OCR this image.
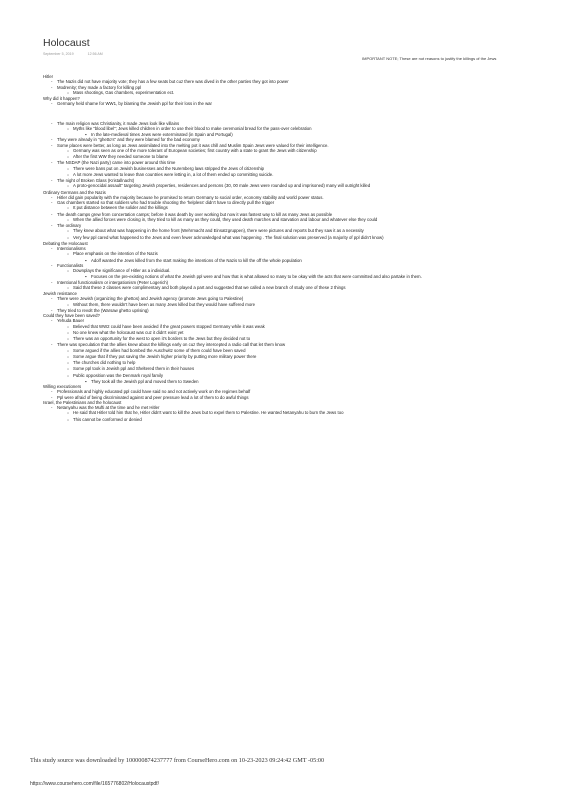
Holocaust
September 5, 2019	12:56 AM
IMPORTANT NOTE; These are not reasons to justify the killings of the Jews

Hitler

- The Nazis did not have majority vote; they has a few seats but cuz there was dived in the other parties they got into power

- Modrenity; they made a factory for killing ppl

○ Mass shootings, Gas chambers, experimentation ect.

Why did it happen?

- Germany held shame for WW1, by blaming the Jewish ppl for their loss in the war

- The main religion was Christianity, it made Jews look like villains

○ Myths like "blood libel"; Jews killed children in order to use their blood to make ceremonial bread for the pass-over celebration

▪ In the late-medieval times Jews were exterminated (in Spain and Portugal)

- They were already in "ghetto's" and they were blamed for the bad economy

- Some places were better, as long as Jews assimilated into the melting pot it was chill and Muslim Spain Jews were valued for their intelligence.

○ Germany was seen as one of the more tolerant of European societies; first country with a state to grant the Jews with citizenship

○ After the first WW they needed someone to blame

- The NSDAP (the Nazi party) came into power around this time

○ There were bans put on Jewish businesses and the Nuremberg laws stripped the Jews of citizenship

○ A lot more Jews wanted to leave than countries were letting in, a lot of them ended up committing suicide.

- The night of Broken Glass (Kristallnacht)

○ A proto-genocidal assault" targeting Jewish properties, residences and persons (30, 00 male Jews were rounded up and imprisoned) many will outright killed

Ordinary Germans and the Nazis

- Hitler did gain popularity with the majority because he promised to return Germany to social order, economy stability and world power status.

- Gas chambers started so that soldiers who had trouble shooting the 'helpless' didn't have to directly pull the trigger

○ It put distance between the solider and the killings

- The death camps grew from concertation camps; before it was death by over working but now it was fastest way to kill as many Jews as possible

○ When the allied forces were closing in, they tried to kill as many as they could, they used death marches and starvation and labour and whatever else they could

- The ordinary

○ They knew about what was happening in the home front (Wehrmacht and Einsatzgruppen), there were pictures and reports but they saw it as a necessity

○ Very few ppl cared what happened to the Jews and even fewer acknowledged what was happening . The final solution was preserved (a majority of ppl didn't know)

Debating the Holocaust

- Intentionalisms

○ Place emphasis on the intention of the Nazis

▪ Adolf wanted the Jews killed from the start making the intentions of the Nazis to kill the off the whole population

- Functionalists

○ Downplays the significance of Hitler as a individual.

▪ Focuses on the pre-existing notions of what the Jewish ppl were and how that is what allowed so many to be okay with the acts that were committed and also partake in them.

- Intentional functionalism or intergationism (Peter Logerich)

○ Said that these 2 classes were complimentary and both played a part and suggested that we called a new branch of study one of these 2 things

Jewish resistance

- There were Jewish (organizing the ghettos) and Jewish agency (promote Jews going to Palestine)

○ Without them, there wouldn't have been as many Jews killed but they would have suffered more

- They tried to revolt the (Warsaw ghetto uprising)

Could they have been saved?

- Yehuda Bauer

○ Believed that WW2 could have been avoided if the great powers stopped Germany while it was weak

○ No one knew what the holocaust was cuz it didn't exist yet

○ There was an opportunity for the west to open it's borders to the Jews but they decided not to

- There was speculation that the allies knew about the killings early on cuz they intercepted a radio call that let them know

○ Some argued if the allies had bombed the Auschwitz some of them could have been saved

○ Some argue that if they put saving the Jewish higher priority by putting more military power there

○ The churches did nothing to help

○ Some ppl took in Jewish ppl and Sheltered them in their houses

○ Public opposition was the Denmark royal family

▪ They took all the Jewish ppl and moved them to Sweden

Willing executioners

- Professionals and highly educated ppl could have said no and not actively work on the regimes behalf

- Ppl were afraid of being discriminated against and peer pressure lead a lot of them to do awful things

Israel, the Palestinians and the holocaust

- Netanyahu was the Mufti at the time and he met Hitler

○ He said that Hitler told him that he, Hitler didn't want to kill the Jews but to expel them to Palestine. He wanted Netanyahu to burn the Jews too

○ This cannot be conformed or denied

This study source was downloaded by 100000874237777 from CourseHero.com on 10-23-2023 09:24:42 GMT -05:00
https://www.coursehero.com/file/165776802/Holocaustpdf/
